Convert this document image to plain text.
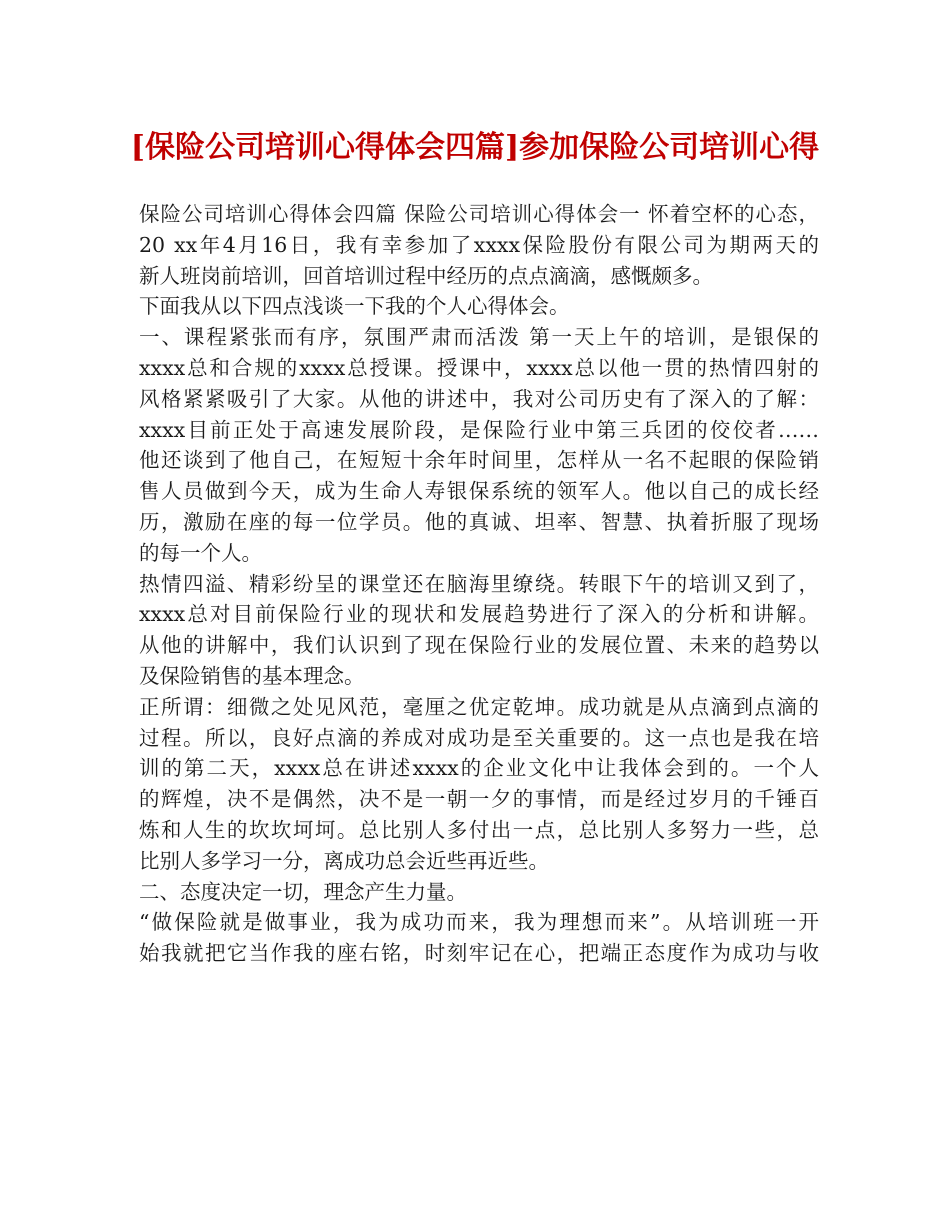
[保险公司培训心得体会四篇]参加保险公司培训心得
保险公司培训心得体会四篇 保险公司培训心得体会一 怀着空杯的心态，
20 xx年4月16日，我有幸参加了xxxx保险股份有限公司为期两天的
新人班岗前培训，回首培训过程中经历的点点滴滴，感慨颇多。
下面我从以下四点浅谈一下我的个人心得体会。
一、课程紧张而有序，氛围严肃而活泼 第一天上午的培训，是银保的
xxxx总和合规的xxxx总授课。授课中，xxxx总以他一贯的热情四射的
风格紧紧吸引了大家。从他的讲述中，我对公司历史有了深入的了解：
xxxx目前正处于高速发展阶段，是保险行业中第三兵团的佼佼者……
他还谈到了他自己，在短短十余年时间里，怎样从一名不起眼的保险销
售人员做到今天，成为生命人寿银保系统的领军人。他以自己的成长经
历，激励在座的每一位学员。他的真诚、坦率、智慧、执着折服了现场
的每一个人。
热情四溢、精彩纷呈的课堂还在脑海里缭绕。转眼下午的培训又到了，
xxxx总对目前保险行业的现状和发展趋势进行了深入的分析和讲解。
从他的讲解中，我们认识到了现在保险行业的发展位置、未来的趋势以
及保险销售的基本理念。
正所谓：细微之处见风范，毫厘之优定乾坤。成功就是从点滴到点滴的
过程。所以，良好点滴的养成对成功是至关重要的。这一点也是我在培
训的第二天，xxxx总在讲述xxxx的企业文化中让我体会到的。一个人
的辉煌，决不是偶然，决不是一朝一夕的事情，而是经过岁月的千锤百
炼和人生的坎坎坷坷。总比别人多付出一点，总比别人多努力一些，总
比别人多学习一分，离成功总会近些再近些。
二、态度决定一切，理念产生力量。
“做保险就是做事业，我为成功而来，我为理想而来”。从培训班一开
始我就把它当作我的座右铭，时刻牢记在心，把端正态度作为成功与收
